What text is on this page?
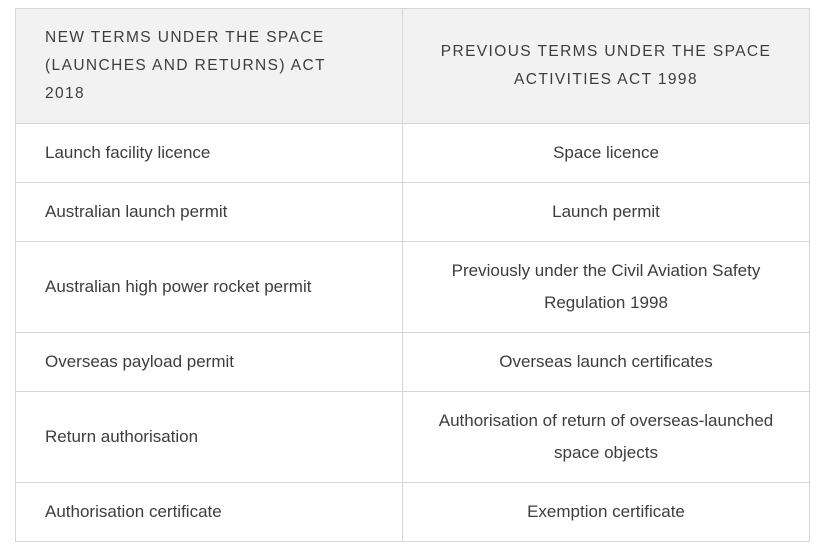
NEW TERMS UNDER THE SPACE (LAUNCHES AND RETURNS) ACT 2018	PREVIOUS TERMS UNDER THE SPACE ACTIVITIES ACT 1998
Launch facility licence	Space licence
Australian launch permit	Launch permit
Australian high power rocket permit	Previously under the Civil Aviation Safety Regulation 1998
Overseas payload permit	Overseas launch certificates
Return authorisation	Authorisation of return of overseas-launched space objects
Authorisation certificate	Exemption certificate
